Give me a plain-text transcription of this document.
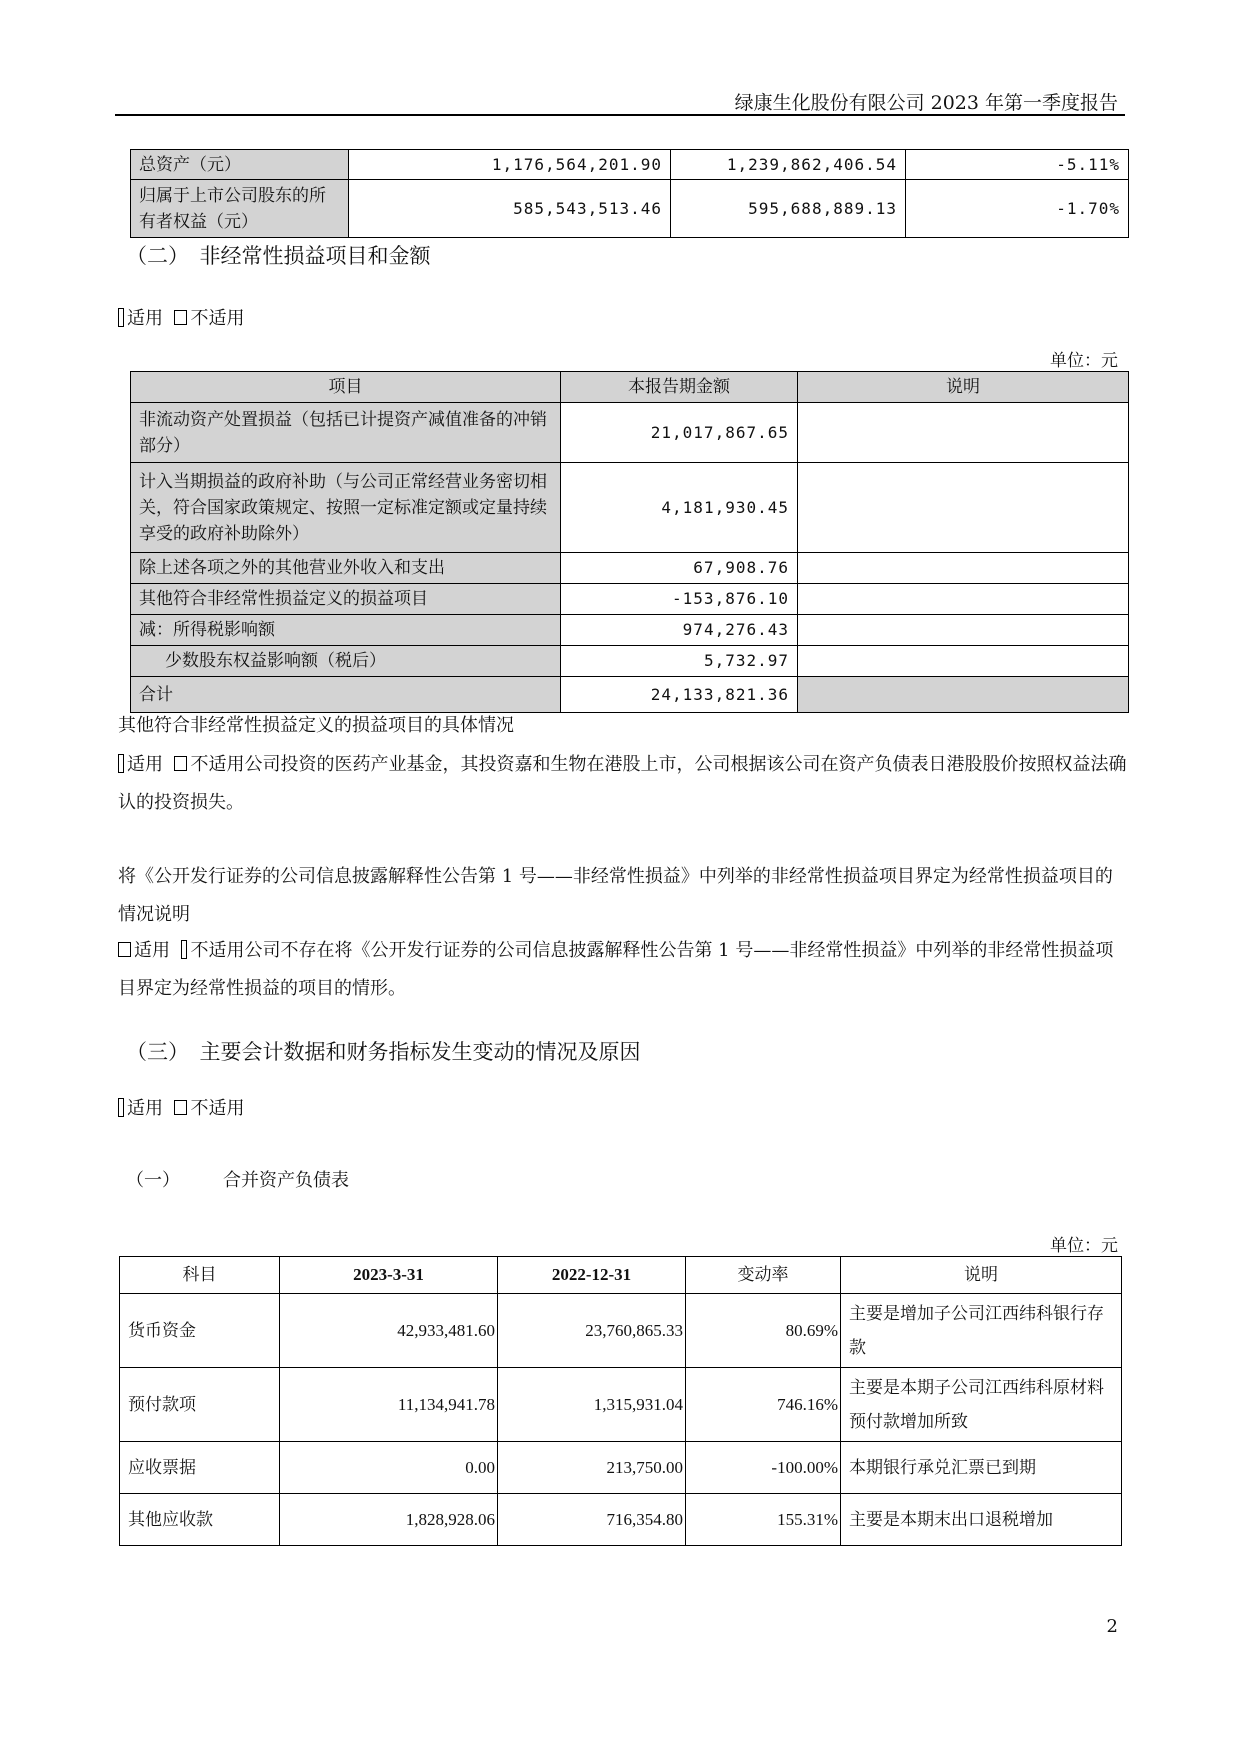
绿康生化股份有限公司 2023 年第一季度报告
总资产（元）	1,176,564,201.90	1,239,862,406.54	-5.11%
归属于上市公司股东的所有者权益（元）	585,543,513.46	595,688,889.13	-1.70%
（二）　非经常性损益项目和金额
适用 不适用
单位：元
项目	本报告期金额	说明
非流动资产处置损益（包括已计提资产减值准备的冲销部分）	21,017,867.65	
计入当期损益的政府补助（与公司正常经营业务密切相关，符合国家政策规定、按照一定标准定额或定量持续享受的政府补助除外）	4,181,930.45	
除上述各项之外的其他营业外收入和支出	67,908.76	
其他符合非经常性损益定义的损益项目	-153,876.10	
减：所得税影响额	974,276.43	
少数股东权益影响额（税后）	5,732.97	
合计	24,133,821.36	
其他符合非经常性损益定义的损益项目的具体情况
适用 不适用公司投资的医药产业基金，其投资嘉和生物在港股上市，公司根据该公司在资产负债表日港股股价按照权益法确认的投资损失。
将《公开发行证券的公司信息披露解释性公告第 1 号——非经常性损益》中列举的非经常性损益项目界定为经常性损益项目的情况说明
适用 不适用公司不存在将《公开发行证券的公司信息披露解释性公告第 1 号——非经常性损益》中列举的非经常性损益项目界定为经常性损益的项目的情形。
（三）　主要会计数据和财务指标发生变动的情况及原因
适用 不适用
（一） 合并资产负债表
单位：元
科目	2023-3-31	2022-12-31	变动率	说明
货币资金	42,933,481.60	23,760,865.33	80.69%	主要是增加子公司江西纬科银行存款
预付款项	11,134,941.78	1,315,931.04	746.16%	主要是本期子公司江西纬科原材料预付款增加所致
应收票据	0.00	213,750.00	-100.00%	本期银行承兑汇票已到期
其他应收款	1,828,928.06	716,354.80	155.31%	主要是本期末出口退税增加
2
